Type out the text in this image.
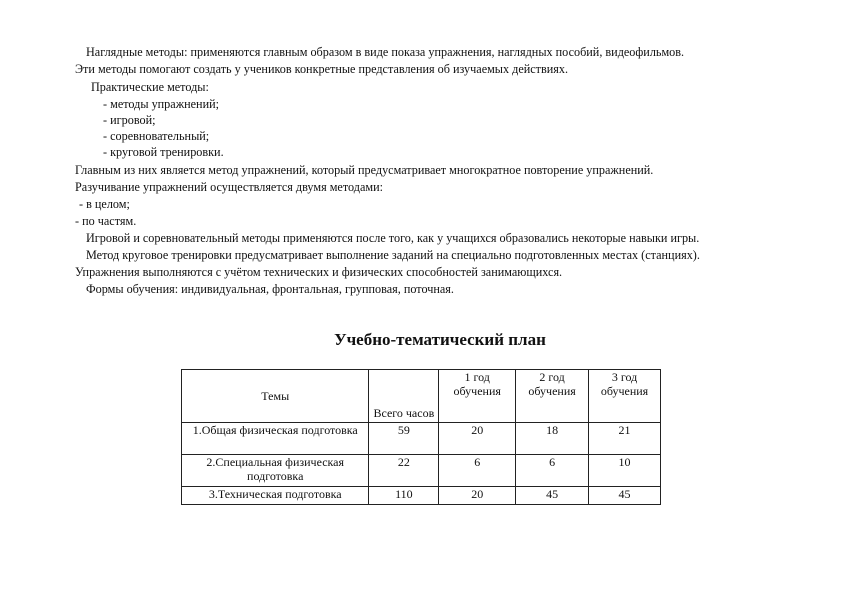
Наглядные методы: применяются главным образом в виде показа упражнения, наглядных пособий, видеофильмов.
Эти методы помогают создать у учеников конкретные представления об изучаемых действиях.
Практические методы:
- методы упражнений;
- игровой;
- соревновательный;
- круговой тренировки.
Главным из них является метод упражнений, который предусматривает многократное повторение упражнений.
Разучивание упражнений осуществляется двумя методами:
- в целом;
- по частям.
Игровой и соревновательный методы применяются после того, как у учащихся образовались некоторые навыки игры.
Метод круговое тренировки предусматривает выполнение заданий на специально подготовленных местах (станциях).
Упражнения выполняются с учётом технических и физических способностей занимающихся.
Формы обучения: индивидуальная, фронтальная, групповая, поточная.
Учебно-тематический план
Темы	Всего часов	1 год обучения	2 год обучения	3 год обучения
1.Общая физическая подготовка	59	20	18	21
2.Специальная физическая подготовка	22	6	6	10
3.Техническая подготовка	110	20	45	45
